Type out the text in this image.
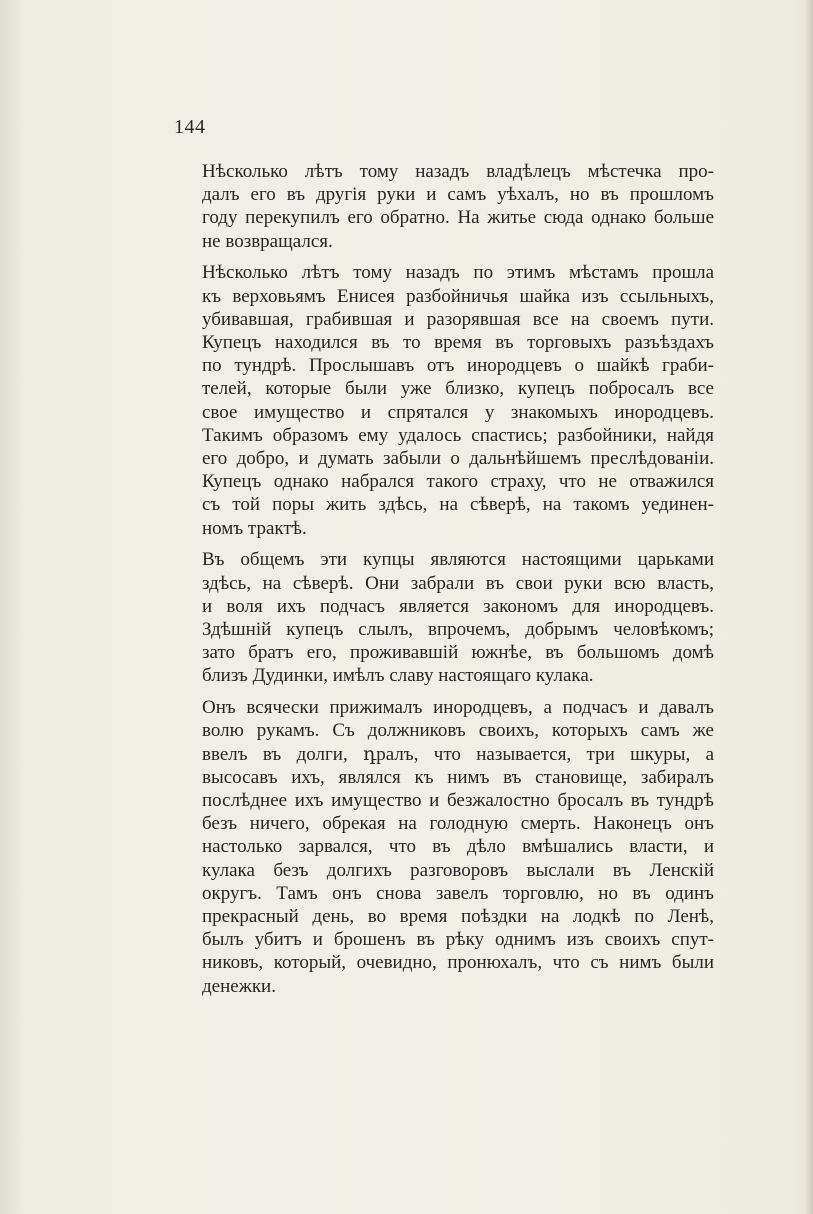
144

Нѣсколько лѣтъ тому назадъ владѣлецъ мѣстечка про-
далъ его въ другія руки и самъ уѣхалъ, но въ прошломъ
году перекупилъ его обратно. На житье сюда однако больше
не возвращался.

Нѣсколько лѣтъ тому назадъ по этимъ мѣстамъ прошла
къ верховьямъ Енисея разбойничья шайка изъ ссыльныхъ,
убивавшая, грабившая и разорявшая все на своемъ пути.
Купецъ находился въ то время въ торговыхъ разъѣздахъ
по тундрѣ. Прослышавъ отъ инородцевъ о шайкѣ граби-
телей, которые были уже близко, купецъ побросалъ все
свое имущество и спрятался у знакомыхъ инородцевъ.
Такимъ образомъ ему удалось спастись; разбойники, найдя
его добро, и думать забыли о дальнѣйшемъ преслѣдованіи.
Купецъ однако набрался такого страху, что не отважился
съ той поры жить здѣсь, на сѣверѣ, на такомъ уединен-
номъ трактѣ.

Въ общемъ эти купцы являются настоящими царьками
здѣсь, на сѣверѣ. Они забрали въ свои руки всю власть,
и воля ихъ подчасъ является закономъ для инородцевъ.
Здѣшній купецъ слылъ, впрочемъ, добрымъ человѣкомъ;
зато братъ его, проживавшій южнѣе, въ большомъ домѣ
близъ Дудинки, имѣлъ славу настоящаго кулака.

Онъ всячески прижималъ инородцевъ, а подчасъ и давалъ
волю рукамъ. Съ должниковъ своихъ, которыхъ самъ же
ввелъ въ долги, դралъ, что называется, три шкуры, а
высосавъ ихъ, являлся къ нимъ въ становище, забиралъ
послѣднее ихъ имущество и безжалостно бросалъ въ тундрѣ
безъ ничего, обрекая на голодную смерть. Наконецъ онъ
настолько зарвался, что въ дѣло вмѣшались власти, и
кулака безъ долгихъ разговоровъ выслали въ Ленскій
округъ. Тамъ онъ снова завелъ торговлю, но въ одинъ
прекрасный день, во время поѣздки на лодкѣ по Ленѣ,
былъ убитъ и брошенъ въ рѣку однимъ изъ своихъ спут-
никовъ, который, очевидно, пронюхалъ, что съ нимъ были
денежки.
